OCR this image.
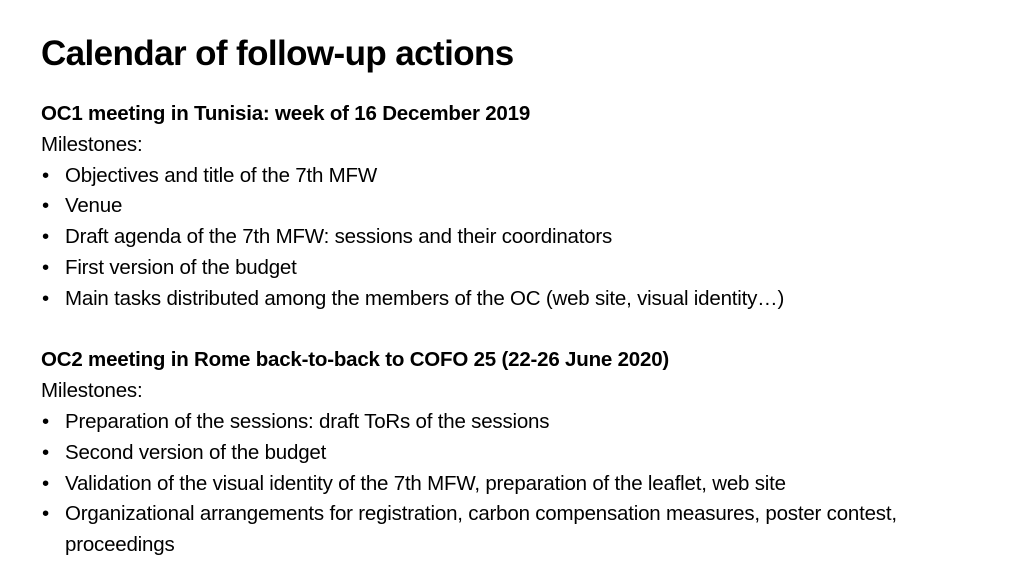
Calendar of follow-up actions
OC1 meeting in Tunisia: week of 16 December 2019
Milestones:
• Objectives and title of the 7th MFW
• Venue
• Draft agenda of the 7th MFW: sessions and their coordinators
• First version of the budget
• Main tasks distributed among the members of the OC (web site, visual identity…)
OC2 meeting in Rome back-to-back to COFO 25 (22-26 June 2020)
Milestones:
• Preparation of the sessions: draft ToRs of the sessions
• Second version of the budget
• Validation of the visual identity of the 7th MFW, preparation of the leaflet, web site
• Organizational arrangements for registration, carbon compensation measures, poster contest, proceedings
